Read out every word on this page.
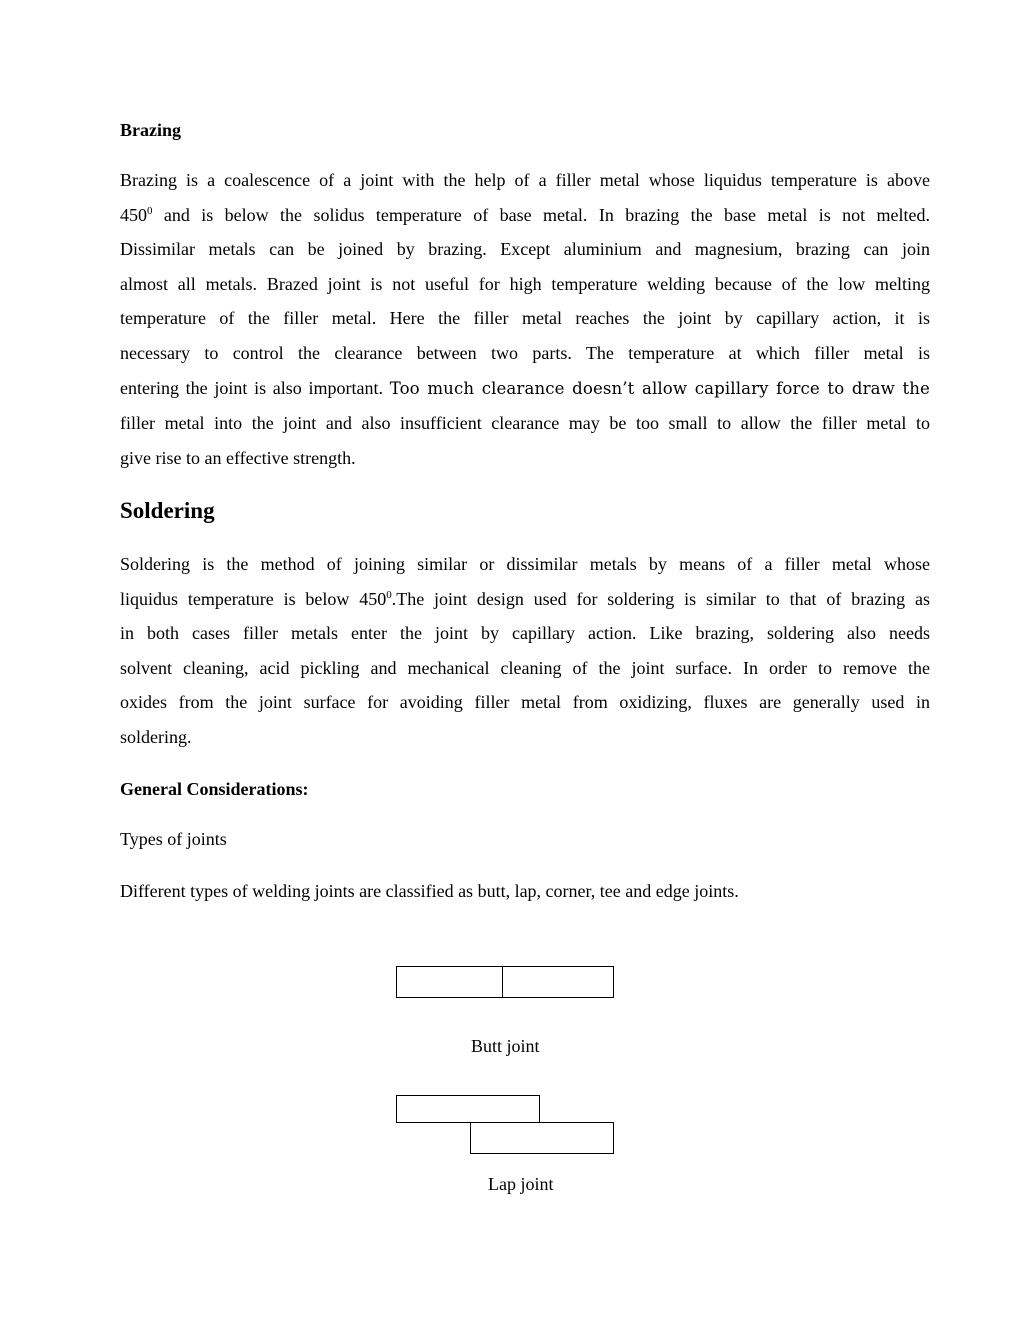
Brazing
Brazing is a coalescence of a joint with the help of a filler metal whose liquidus temperature is above
$450^0$ and is below the solidus temperature of base metal. In brazing the base metal is not melted.
Dissimilar metals can be joined by brazing. Except aluminium and magnesium, brazing can join
almost all metals. Brazed joint is not useful for high temperature welding because of the low melting
temperature of the filler metal. Here the filler metal reaches the joint by capillary action, it is
necessary to control the clearance between two parts. The temperature at which filler metal is
entering the joint is also important. Too much clearance doesn’t allow capillary force to draw the
filler metal into the joint and also insufficient clearance may be too small to allow the filler metal to
give rise to an effective strength.
Soldering
Soldering is the method of joining similar or dissimilar metals by means of a filler metal whose
liquidus temperature is below $450^0.The$ joint design used for soldering is similar to that of brazing as
in both cases filler metals enter the joint by capillary action. Like brazing, soldering also needs
solvent cleaning, acid pickling and mechanical cleaning of the joint surface. In order to remove the
oxides from the joint surface for avoiding filler metal from oxidizing, fluxes are generally used in
soldering.
General Considerations:

Types of joints

Different types of welding joints are classified as butt, lap, corner, tee and edge joints.

Butt joint

Lap joint
